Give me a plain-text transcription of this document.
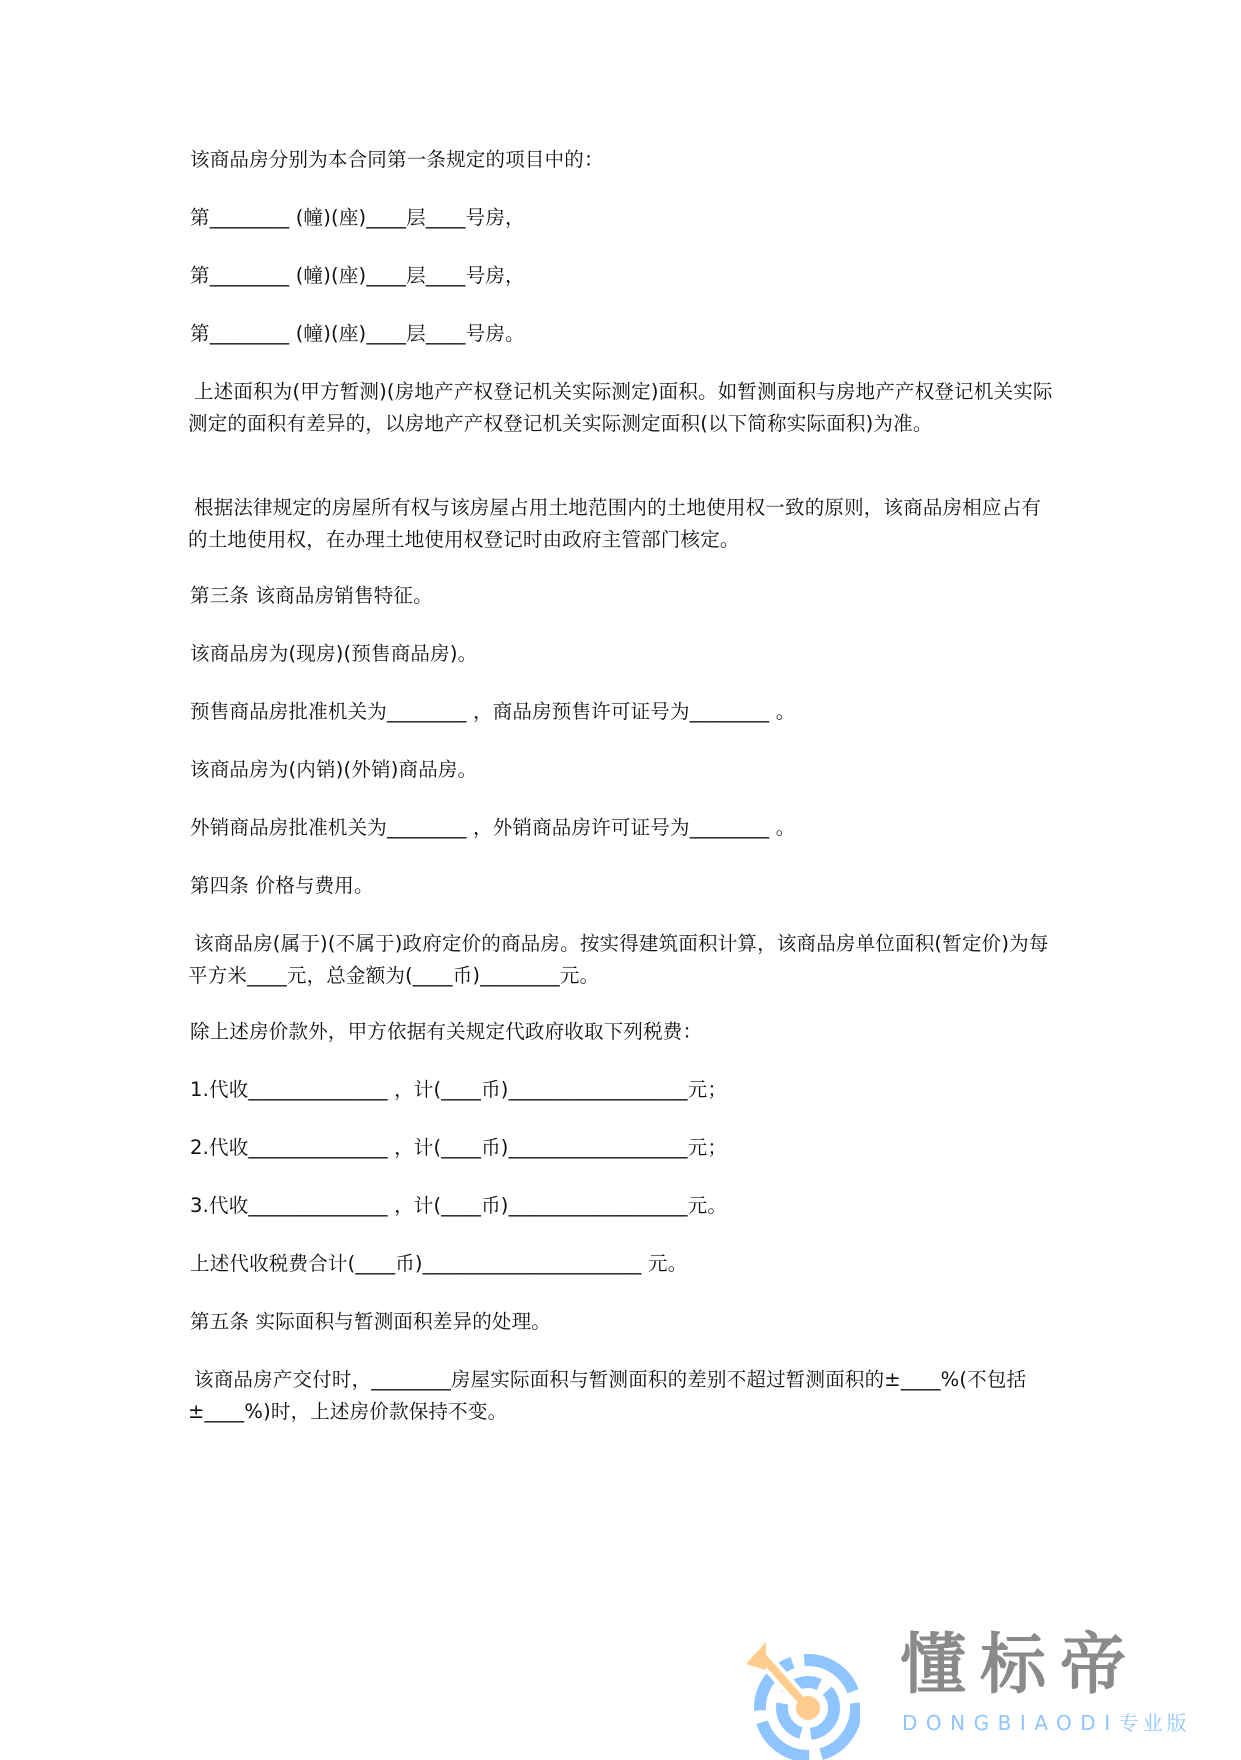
该商品房分别为本合同第一条规定的项目中的：
第________ (幢)(座)____层____号房，
第________ (幢)(座)____层____号房，
第________ (幢)(座)____层____号房。
上述面积为(甲方暂测)(房地产产权登记机关实际测定)面积。如暂测面积与房地产产权登记机关实际测定的面积有差异的，以房地产产权登记机关实际测定面积(以下简称实际面积)为准。
根据法律规定的房屋所有权与该房屋占用土地范围内的土地使用权一致的原则，该商品房相应占有的土地使用权，在办理土地使用权登记时由政府主管部门核定。
第三条 该商品房销售特征。
该商品房为(现房)(预售商品房)。
预售商品房批准机关为________ ，商品房预售许可证号为________ 。
该商品房为(内销)(外销)商品房。
外销商品房批准机关为________ ，外销商品房许可证号为________ 。
第四条 价格与费用。
该商品房(属于)(不属于)政府定价的商品房。按实得建筑面积计算，该商品房单位面积(暂定价)为每平方米____元，总金额为(____币)________元。
除上述房价款外，甲方依据有关规定代政府收取下列税费：
1.代收______________ ，计(____币)__________________元；
2.代收______________ ，计(____币)__________________元；
3.代收______________ ，计(____币)__________________元。
上述代收税费合计(____币)______________________ 元。
第五条 实际面积与暂测面积差异的处理。
该商品房产交付时，________房屋实际面积与暂测面积的差别不超过暂测面积的±____%(不包括±____%)时，上述房价款保持不变。
懂标帝
DONGBIAODI专业版
